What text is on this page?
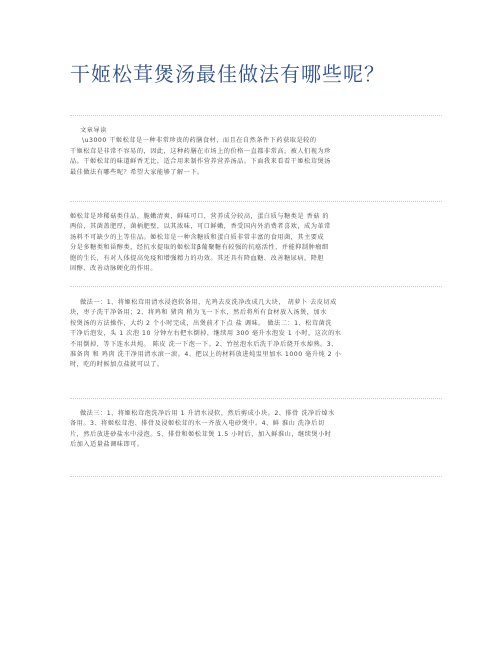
干姬松茸煲汤最佳做法有哪些呢？

文章导读

\u3000 干姬松茸是一种非常珍贵的药膳食材，而且在自然条件下药获取是较的

干姬松茸是非常不容易的，因此，这种药膳在市场上的价格一直都非常高，被人们视为珍

品。干姬松茸的味道鲜香无比，适合用来制作营养营养汤品。下面我来看看干姬松茸煲汤

最佳做法有哪些呢？希望大家能够了解一下。

姬松茸是珍稀菇类佳品，脆嫩清爽，鲜味可口，营养成分较高，蛋白质与糖类是 香菇 的

两倍，其菌盖肥厚，菌柄肥壁，以其浓味，可口鲜嫩，香受国内外消费者喜欢，成为革常

汤料不可缺少的上等佳品。姬松茸是一种含糖质和蛋白质非常丰富的食用菌，其主要成

分是多糖类和甾醇类，经抗水提取的姬松茸β葡聚糖有较强的抗癌活性，并能抑制肿瘤细

胞的生长，有对人体提高免疫和增强精力的功效。其还具有降血糖、改善糖尿病，降胆

固醇、改善动脉硬化的作用。

做法一：1、将姬松茸用清水浸泡软备用，光鸡去皮洗净改成几大块， 胡萝卜 去皮切成

块，枣子洗干净备用；2、将鸡和 猪肉 稍为飞一下水，然后将所有食材放入汤煲，加水

按煲汤的方法操作，大约 2 个小时完成，出煲前才下点 盐 调味。 做法二：1、松茸菌洗

干净后泡发，头 1 次泡 10 分钟左右把水倒掉，继续用 300 毫升水泡发 1 小时，这次的水

不用倒掉，等下连水共炖。 陈皮 洗一下泡一下。2、竹丝泡水后洗干净后烧开水焯熟。3、

准备肉 和 鸡肉 洗干净用清水滚一滚。4、把以上的材料放进炖盅里加水 1000 毫升炖 2 小

时，吃的时候加点盐就可以了。

做法三：1、将姬松茸泡洗净后用 1 升清水浸软，然后剪成小块。2、排骨 洗净后焯水

备用。3、将姬松茸泡、排骨及浸姬松茸的水一齐放入电砂煲中。4、鲜 淮山 洗净后切

片，然后放进砂盐水中浸泡。5、排骨和姬松茸煲 1.5 小时后，加入鲜淮山，继续煲小时

后加入适量盐调味即可。
